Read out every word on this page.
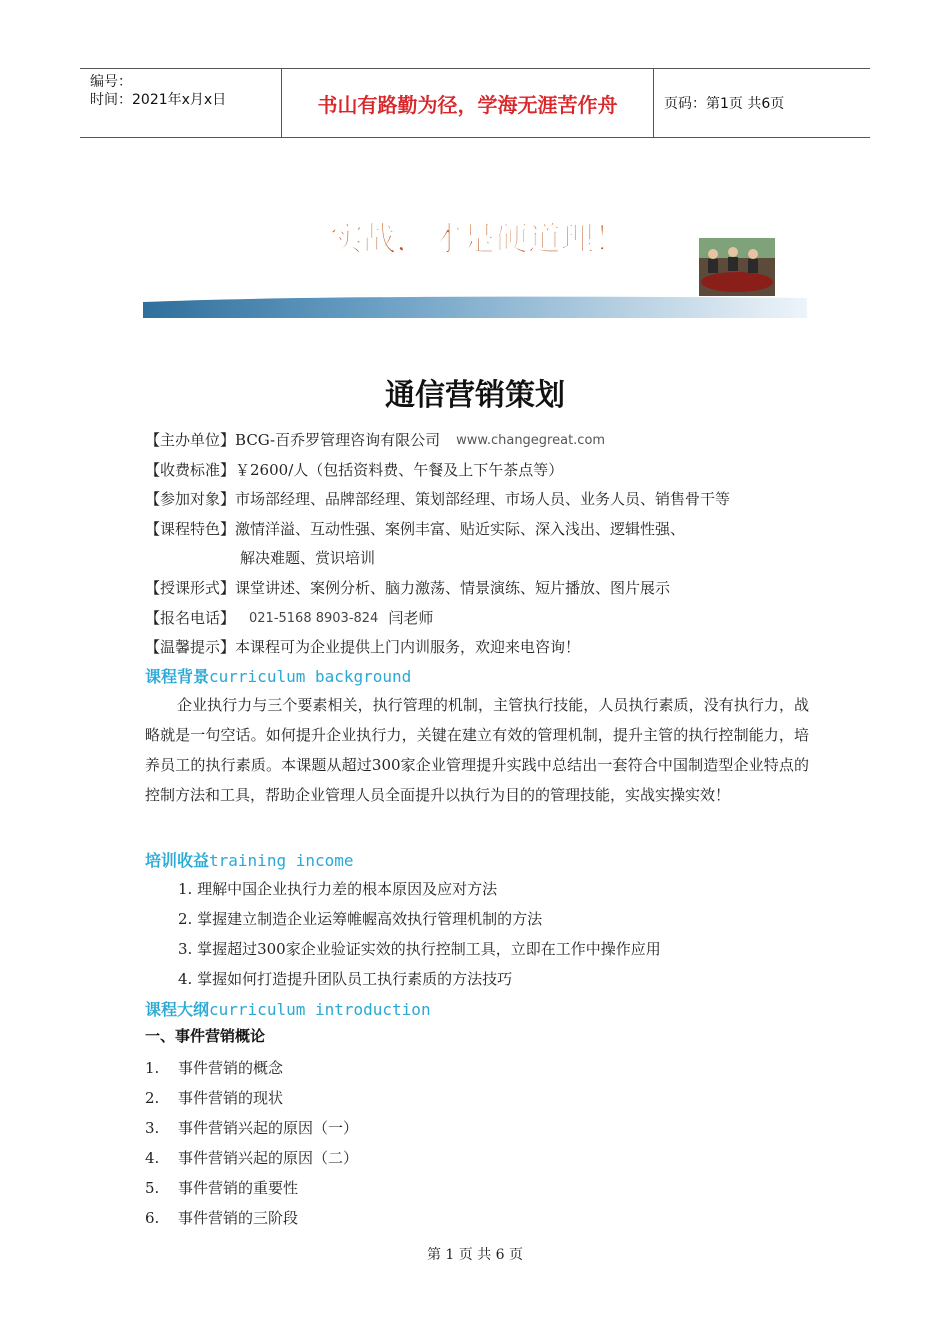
编号：
时间：2021年x月x日	书山有路勤为径，学海无涯苦作舟	页码：第1页 共6页
实战，才是硬道理！
通信营销策划
【主办单位】 BCG-百乔罗管理咨询有限公司 www.changegreat.com
【收费标准】 ￥2600/人（包括资料费、午餐及上下午茶点等）
【参加对象】 市场部经理、品牌部经理、策划部经理、市场人员、业务人员、销售骨干等
【课程特色】 激情洋溢、互动性强、案例丰富、贴近实际、深入浅出、逻辑性强、
解决难题、赏识培训
【授课形式】 课堂讲述、案例分析、脑力激荡、情景演练、短片播放、图片展示
【报名电话】 021-5168 8903-824 闫老师
【温馨提示】 本课程可为企业提供上门内训服务，欢迎来电咨询！
课程背景curriculum background

企业执行力与三个要素相关，执行管理的机制，主管执行技能，人员执行素质，没有执行力，战略就是一句空话。如何提升企业执行力，关键在建立有效的管理机制，提升主管的执行控制能力，培养员工的执行素质。本课题从超过300家企业管理提升实践中总结出一套符合中国制造型企业特点的控制方法和工具，帮助企业管理人员全面提升以执行为目的的管理技能，实战实操实效！

培训收益training income
1. 理解中国企业执行力差的根本原因及应对方法
2. 掌握建立制造企业运筹帷幄高效执行管理机制的方法
3. 掌握超过300家企业验证实效的执行控制工具，立即在工作中操作应用
4. 掌握如何打造提升团队员工执行素质的方法技巧
课程大纲curriculum introduction
一、事件营销概论
1.	事件营销的概念
2.	事件营销的现状
3.	事件营销兴起的原因（一）
4.	事件营销兴起的原因（二）
5.	事件营销的重要性
6.	事件营销的三阶段
第 1 页 共 6 页
